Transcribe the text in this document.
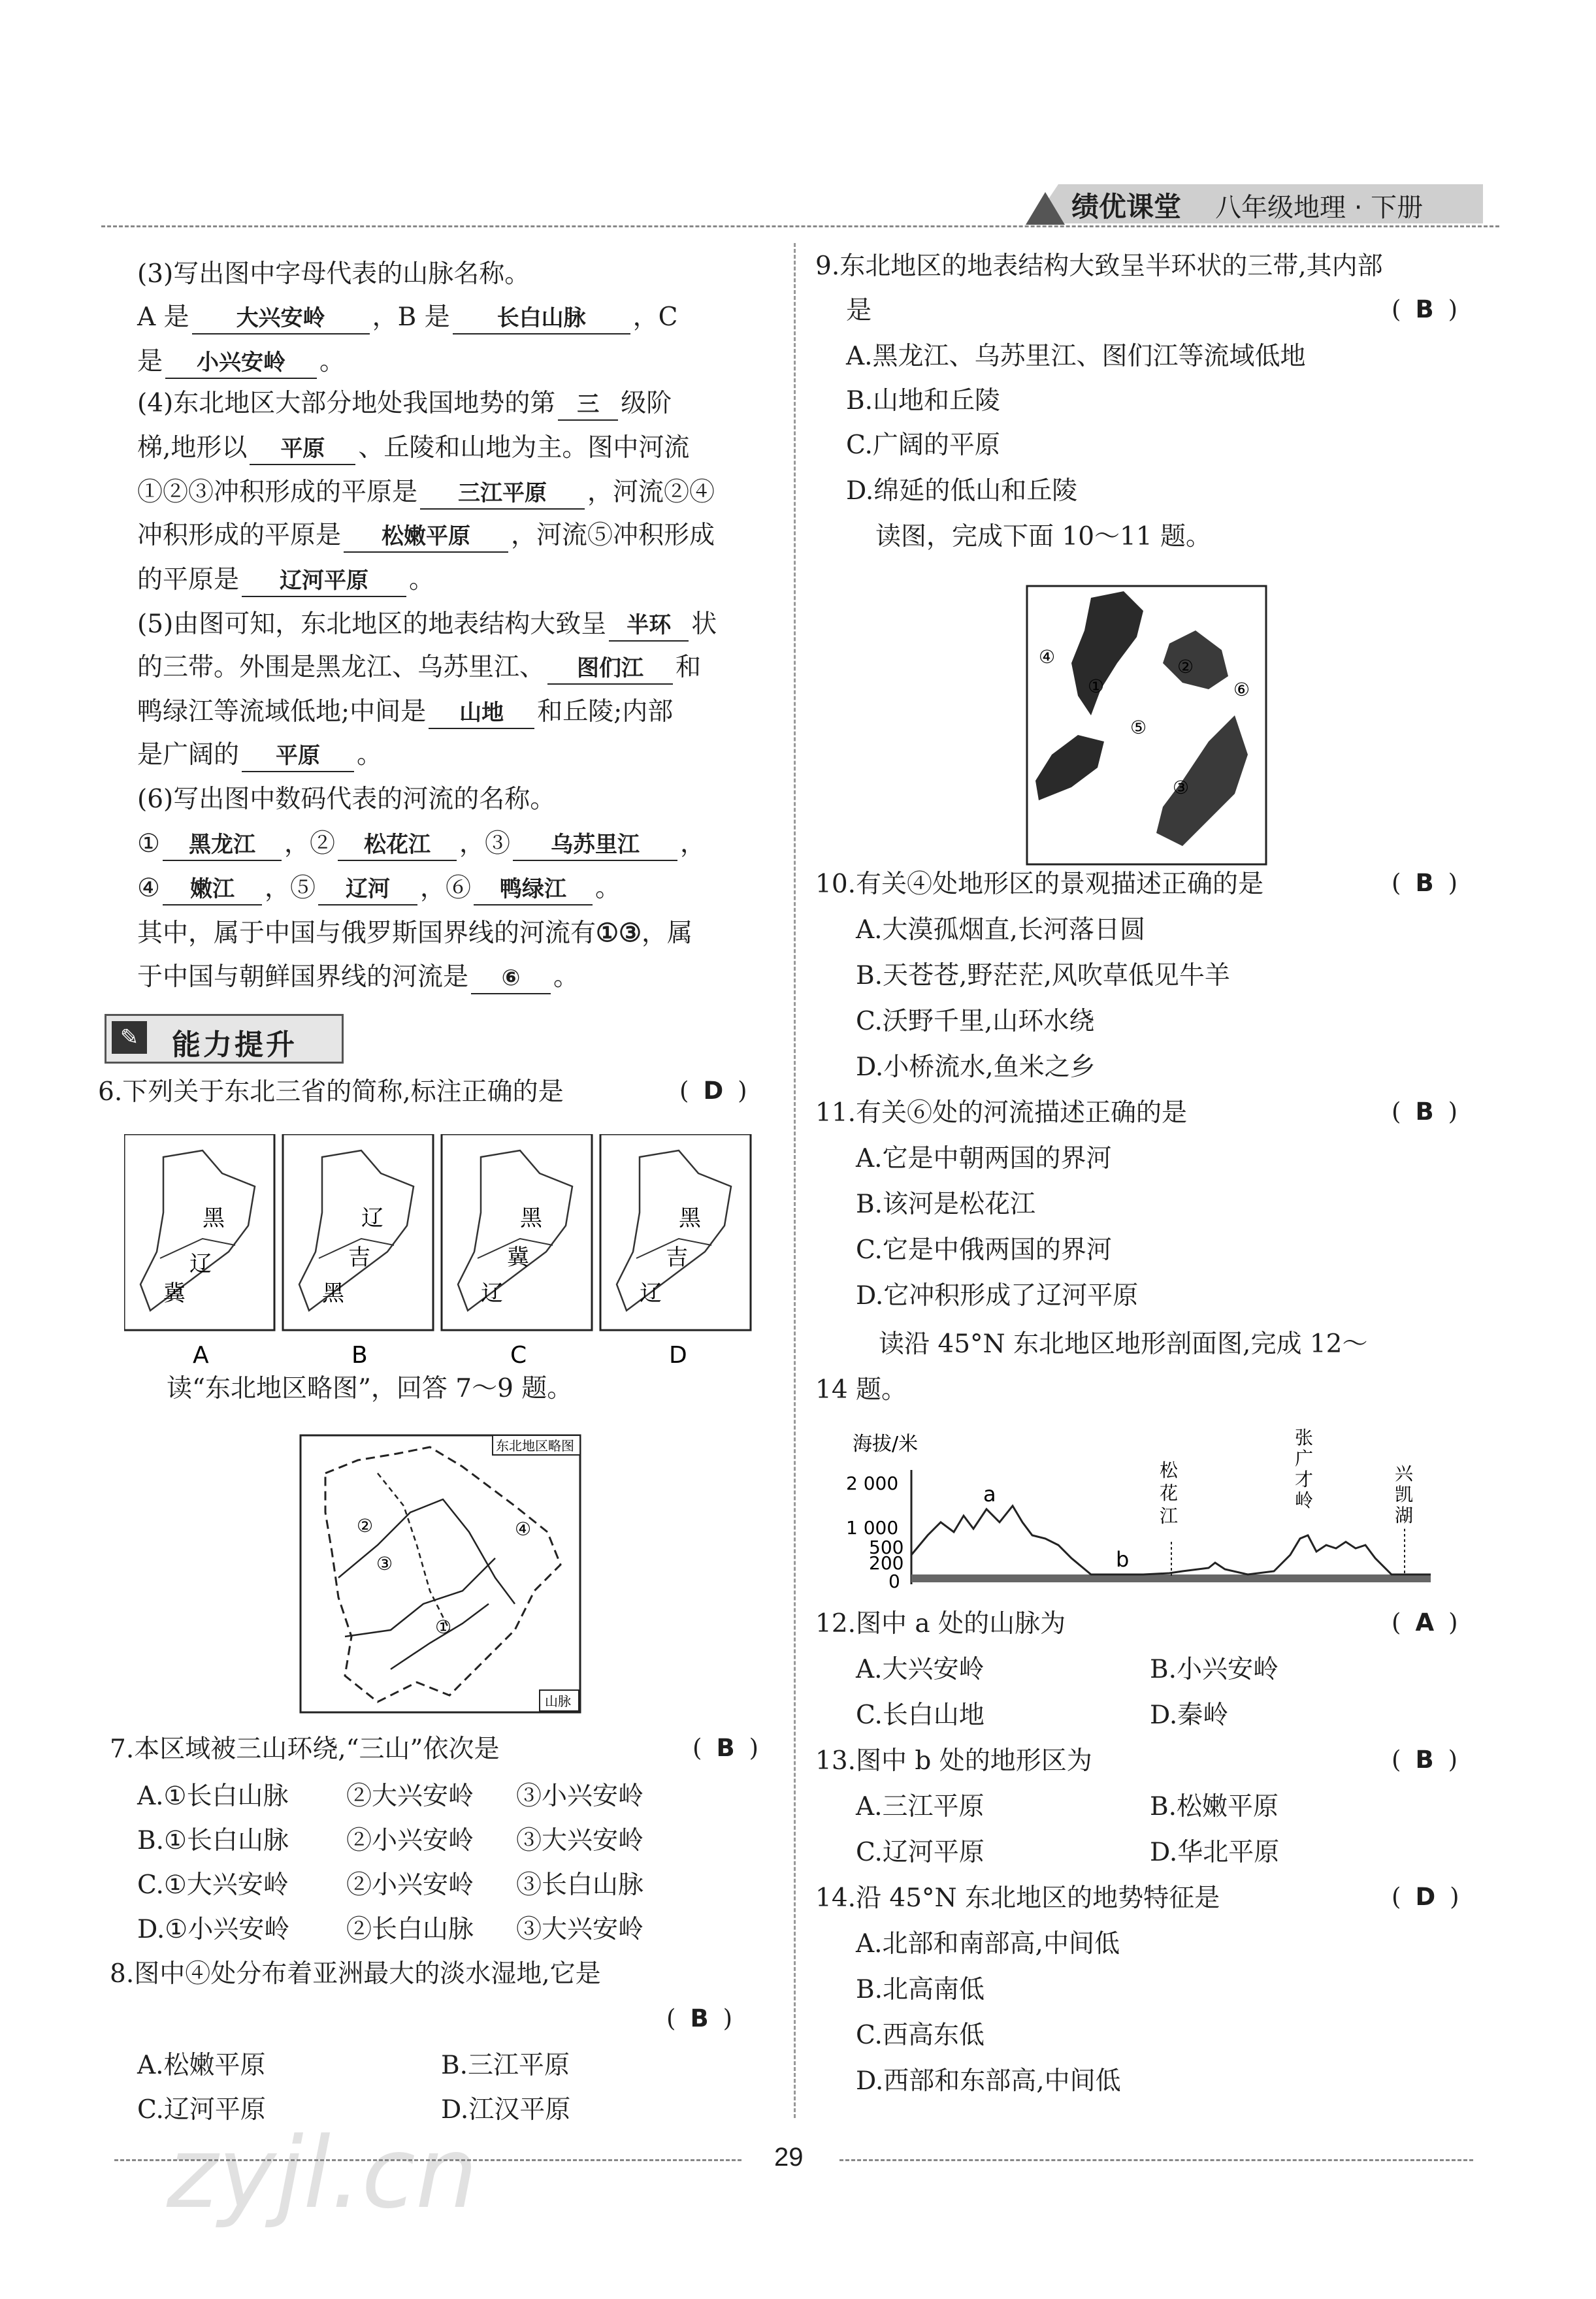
绩优课堂 八年级地理 · 下册
(3)写出图中字母代表的山脉名称。
A 是 大兴安岭 ，B 是 长白山脉 ，C
是 小兴安岭 。
(4)东北地区大部分地处我国地势的第 三 级阶
梯,地形以 平原 、丘陵和山地为主。图中河流
①②③冲积形成的平原是 三江平原 ，河流②④
冲积形成的平原是 松嫩平原 ，河流⑤冲积形成
的平原是 辽河平原 。
(5)由图可知，东北地区的地表结构大致呈 半环 状
的三带。外围是黑龙江、乌苏里江、 图们江 和
鸭绿江等流域低地;中间是 山地 和丘陵;内部
是广阔的 平原 。
(6)写出图中数码代表的河流的名称。
① 黑龙江 ，② 松花江 ，③ 乌苏里江 ，
④ 嫩江 ，⑤ 辽河 ，⑥ 鸭绿江 。
其中，属于中国与俄罗斯国界线的河流有①③，属
于中国与朝鲜国界线的河流是 ⑥ 。
✎ 能力提升
6.下列关于东北三省的简称,标注正确的是	( D )
黑
辽
冀
辽
吉
黑
黑
冀
辽
黑
吉
辽
A	B	C	D
读“东北地区略图”，回答 7～9 题。
东北地区略图
②	④
③
①
山脉
7.本区域被三山环绕,“三山”依次是	( B )
A.①长白山脉 ②大兴安岭 ③小兴安岭
B.①长白山脉 ②小兴安岭 ③大兴安岭
C.①大兴安岭 ②小兴安岭 ③长白山脉
D.①小兴安岭 ②长白山脉 ③大兴安岭
8.图中④处分布着亚洲最大的淡水湿地,它是
( B )
A.松嫩平原	B.三江平原
C.辽河平原	D.江汉平原
9.东北地区的地表结构大致呈半环状的三带,其内部
是	( B )
A.黑龙江、乌苏里江、图们江等流域低地
B.山地和丘陵
C.广阔的平原
D.绵延的低山和丘陵
读图，完成下面 10～11 题。
④
①
②
⑥
⑤
③
10.有关④处地形区的景观描述正确的是	( B )
A.大漠孤烟直,长河落日圆
B.天苍苍,野茫茫,风吹草低见牛羊
C.沃野千里,山环水绕
D.小桥流水,鱼米之乡
11.有关⑥处的河流描述正确的是	( B )
A.它是中朝两国的界河
B.该河是松花江
C.它是中俄两国的界河
D.它冲积形成了辽河平原
读沿 45°N 东北地区地形剖面图,完成 12～
14 题。
海拔/米
2 000
1 000
500
200
0
a
b
松
花
江
张
广
才
岭
兴
凯
湖
12.图中 a 处的山脉为	( A )
A.大兴安岭	B.小兴安岭
C.长白山地	D.秦岭
13.图中 b 处的地形区为	( B )
A.三江平原	B.松嫩平原
C.辽河平原	D.华北平原
14.沿 45°N 东北地区的地势特征是	( D )
A.北部和南部高,中间低
B.北高南低
C.西高东低
D.西部和东部高,中间低
29
zyjl.cn
